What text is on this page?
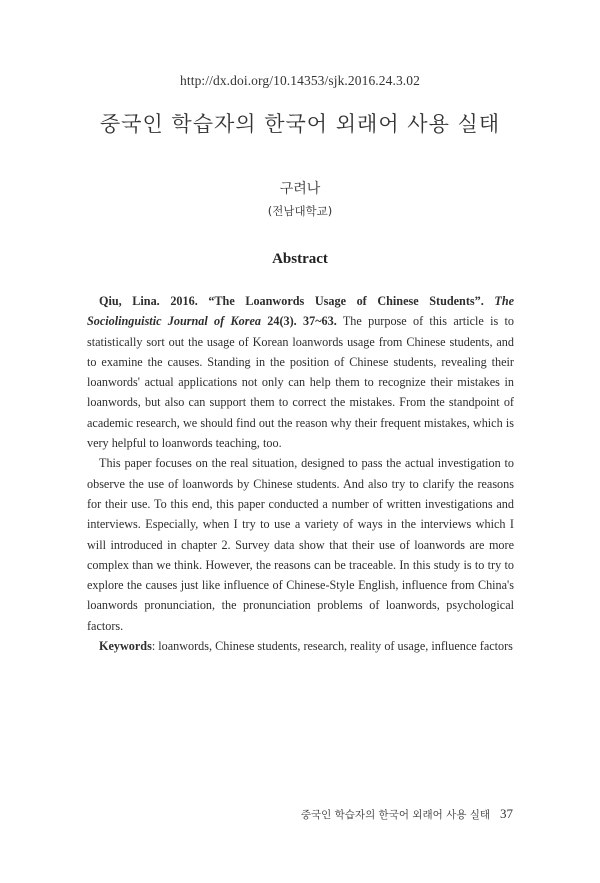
http://dx.doi.org/10.14353/sjk.2016.24.3.02
중국인 학습자의 한국어 외래어 사용 실태
구려나
(전남대학교)
Abstract

Qiu, Lina. 2016. “The Loanwords Usage of Chinese Students”. The Sociolinguistic Journal of Korea 24(3). 37~63. The purpose of this article is to statistically sort out the usage of Korean loanwords usage from Chinese students, and to examine the causes. Standing in the position of Chinese students, revealing their loanwords' actual applications not only can help them to recognize their mistakes in loanwords, but also can support them to correct the mistakes. From the standpoint of academic research, we should find out the reason why their frequent mistakes, which is very helpful to loanwords teaching, too.

This paper focuses on the real situation, designed to pass the actual investigation to observe the use of loanwords by Chinese students. And also try to clarify the reasons for their use. To this end, this paper conducted a number of written investigations and interviews. Especially, when I try to use a variety of ways in the interviews which I will introduced in chapter 2. Survey data show that their use of loanwords are more complex than we think. However, the reasons can be traceable. In this study is to try to explore the causes just like influence of Chinese-Style English, influence from China's loanwords pronunciation, the pronunciation problems of loanwords, psychological factors.

Keywords: loanwords, Chinese students, research, reality of usage, influence factors

중국인 학습자의 한국어 외래어 사용 실태 37
